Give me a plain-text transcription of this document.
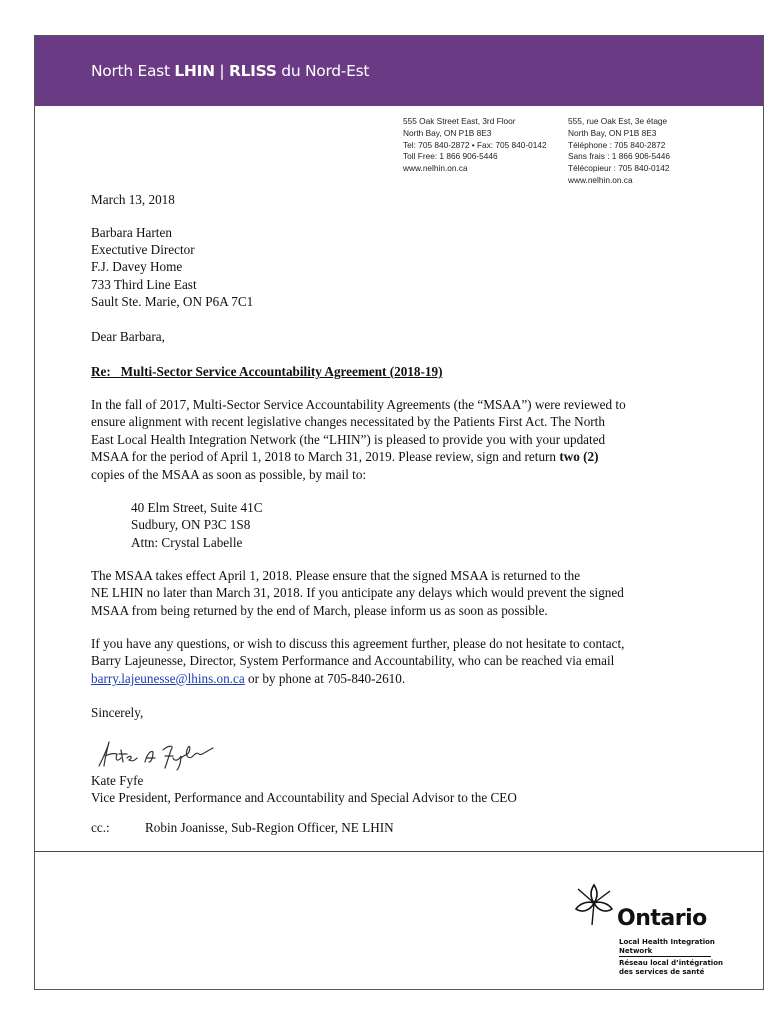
North East LHIN | RLISS du Nord-Est
555 Oak Street East, 3rd Floor
North Bay, ON P1B 8E3
Tel: 705 840-2872 • Fax: 705 840-0142
Toll Free: 1 866 906-5446
www.nelhin.on.ca
555, rue Oak Est, 3e étage
North Bay, ON P1B 8E3
Téléphone : 705 840-2872
Sans frais : 1 866 906-5446
Télécopieur : 705 840-0142
www.nelhin.on.ca
March 13, 2018
Barbara Harten
Exectutive Director
F.J. Davey Home
733 Third Line East
Sault Ste. Marie, ON P6A 7C1
Dear Barbara,
Re:   Multi-Sector Service Accountability Agreement (2018-19)
In the fall of 2017, Multi-Sector Service Accountability Agreements (the “MSAA”) were reviewed to
ensure alignment with recent legislative changes necessitated by the Patients First Act. The North
East Local Health Integration Network (the “LHIN”) is pleased to provide you with your updated
MSAA for the period of April 1, 2018 to March 31, 2019. Please review, sign and return two (2)
copies of the MSAA as soon as possible, by mail to:
40 Elm Street, Suite 41C
Sudbury, ON P3C 1S8
Attn: Crystal Labelle
The MSAA takes effect April 1, 2018. Please ensure that the signed MSAA is returned to the
NE LHIN no later than March 31, 2018. If you anticipate any delays which would prevent the signed
MSAA from being returned by the end of March, please inform us as soon as possible.
If you have any questions, or wish to discuss this agreement further, please do not hesitate to contact,
Barry Lajeunesse, Director, System Performance and Accountability, who can be reached via email
barry.lajeunesse@lhins.on.ca or by phone at 705-840-2610.
Sincerely,
Kate Fyfe
Vice President, Performance and Accountability and Special Advisor to the CEO
cc.:	Robin Joanisse, Sub-Region Officer, NE LHIN
Ontario
Local Health Integration
Network
Réseau local d’intégration
des services de santé
